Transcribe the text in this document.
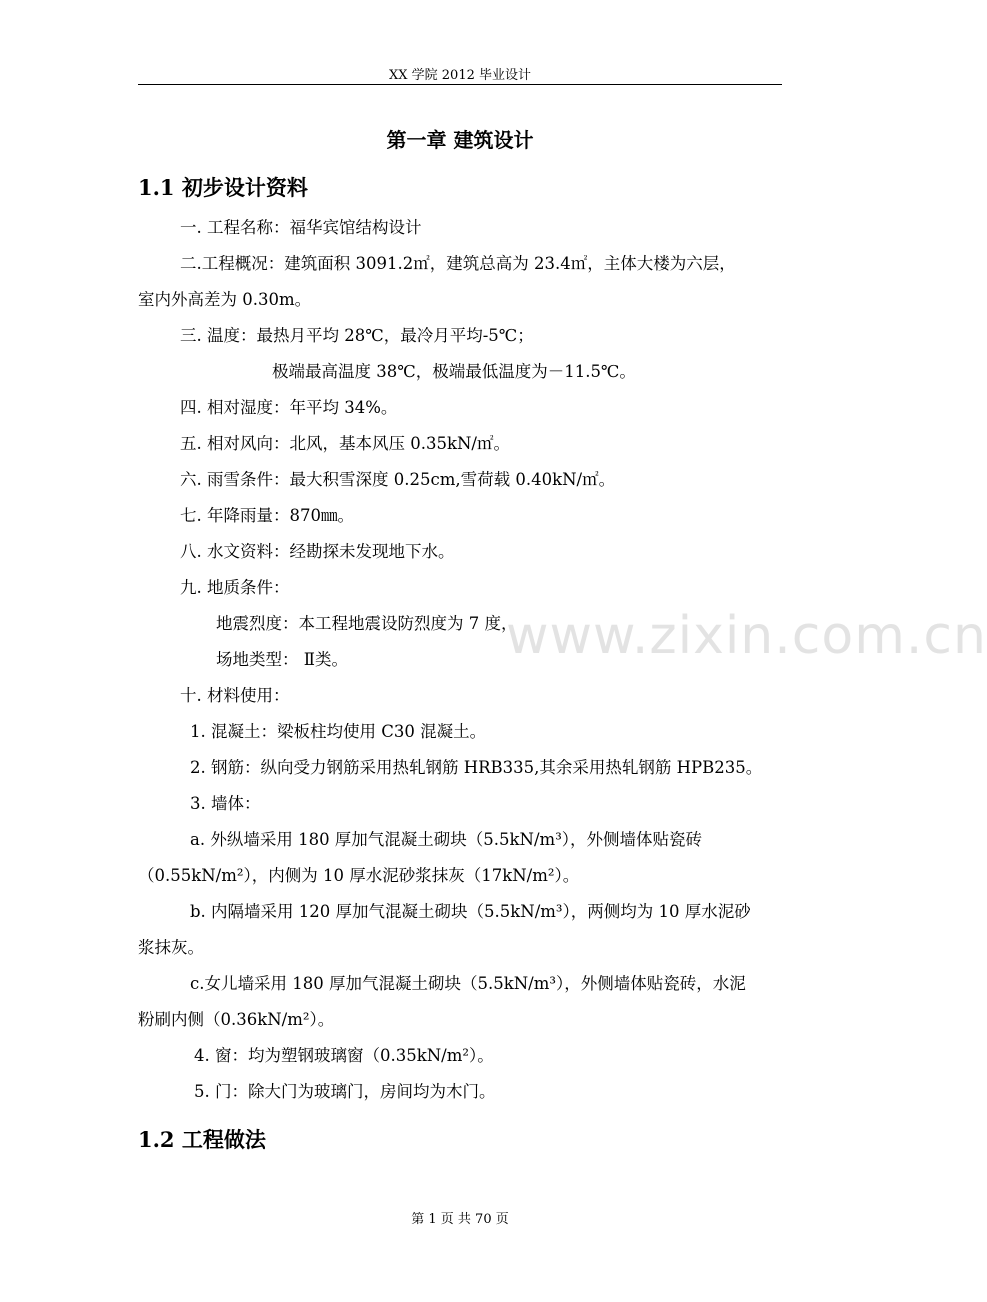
XX 学院 2012 毕业设计
第一章 建筑设计
1.1 初步设计资料
一. 工程名称：福华宾馆结构设计
二.工程概况：建筑面积 3091.2㎡，建筑总高为 23.4㎡，主体大楼为六层，
室内外高差为 0.30m。
三. 温度：最热月平均 28℃，最冷月平均-5℃；
极端最高温度 38℃，极端最低温度为－11.5℃。
四. 相对湿度：年平均 34%。
五. 相对风向：北风，基本风压 0.35kN/㎡。
六. 雨雪条件：最大积雪深度 0.25cm,雪荷载 0.40kN/㎡。
七. 年降雨量：870㎜。
八. 水文资料：经勘探未发现地下水。
九. 地质条件：
地震烈度：本工程地震设防烈度为 7 度，
场地类型： Ⅱ类。
十. 材料使用：
1. 混凝土：梁板柱均使用 C30 混凝土。
2. 钢筋：纵向受力钢筋采用热轧钢筋 HRB335,其余采用热轧钢筋 HPB235。
3. 墙体：
a. 外纵墙采用 180 厚加气混凝土砌块（5.5kN/m³），外侧墙体贴瓷砖
（0.55kN/m²），内侧为 10 厚水泥砂浆抹灰（17kN/m²）。
b. 内隔墙采用 120 厚加气混凝土砌块（5.5kN/m³），两侧均为 10 厚水泥砂
浆抹灰。
c.女儿墙采用 180 厚加气混凝土砌块（5.5kN/m³），外侧墙体贴瓷砖，水泥
粉刷内侧（0.36kN/m²）。
4. 窗：均为塑钢玻璃窗（0.35kN/m²）。
5. 门：除大门为玻璃门，房间均为木门。
1.2 工程做法
www.zixin.com.cn
第 1 页 共 70 页
